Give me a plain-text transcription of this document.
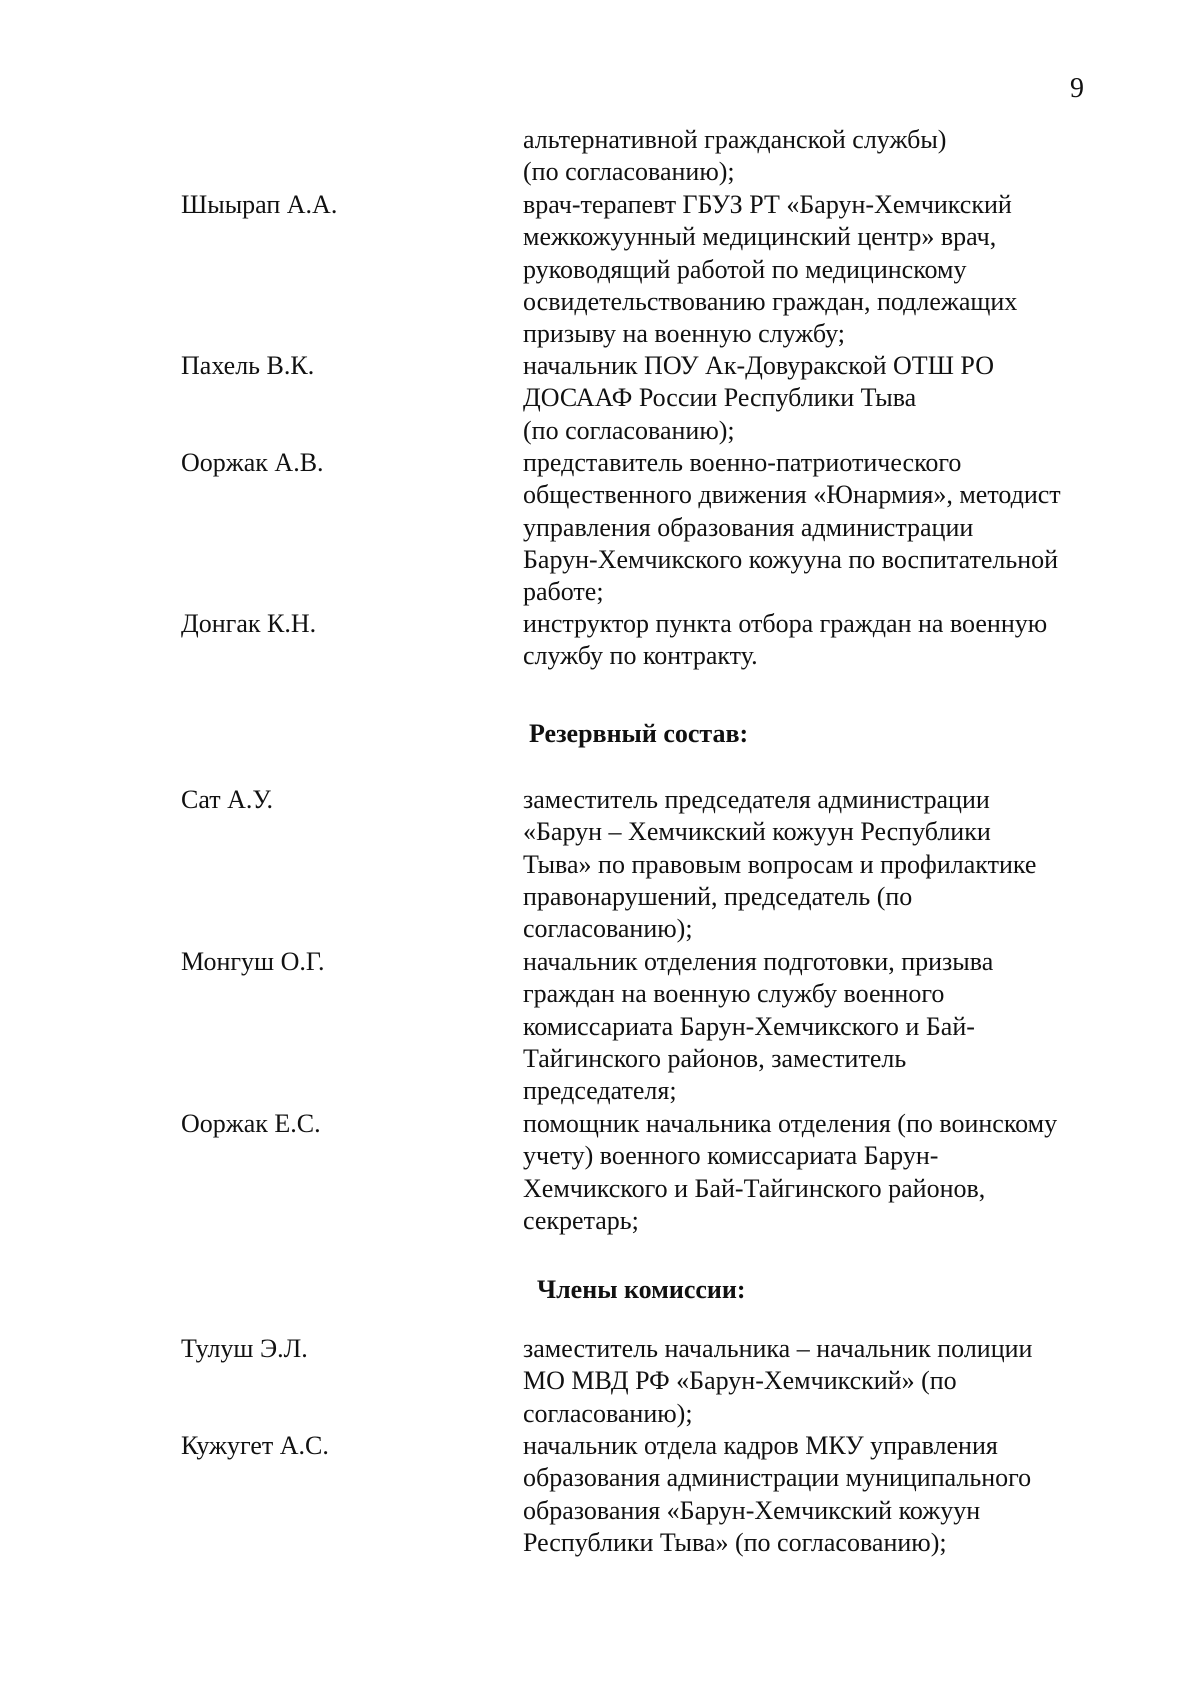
9
альтернативной гражданской службы)
(по согласованию);
Шыырап А.А.	врач-терапевт ГБУЗ РТ «Барун-Хемчикский
межкожуунный медицинский центр» врач,
руководящий работой по медицинскому
освидетельствованию граждан, подлежащих
призыву на военную службу;
Пахель В.К.	начальник ПОУ Ак-Довуракской ОТШ РО
ДОСААФ России Республики Тыва
(по согласованию);
Ооржак А.В.	представитель военно-патриотического
общественного движения «Юнармия», методист
управления образования администрации
Барун-Хемчикского кожууна по воспитательной
работе;
Донгак К.Н.	инструктор пункта отбора граждан на военную
службу по контракту.
Резервный состав:
Сат А.У.	заместитель председателя администрации
«Барун – Хемчикский кожуун Республики
Тыва» по правовым вопросам и профилактике
правонарушений, председатель (по
согласованию);
Монгуш О.Г.	начальник отделения подготовки, призыва
граждан на военную службу военного
комиссариата Барун-Хемчикского и Бай-
Тайгинского районов, заместитель
председателя;
Ооржак Е.С.	помощник начальника отделения (по воинскому
учету) военного комиссариата Барун-
Хемчикского и Бай-Тайгинского районов,
секретарь;
Члены комиссии:
Тулуш Э.Л.	заместитель начальника – начальник полиции
МО МВД РФ «Барун-Хемчикский» (по
согласованию);
Кужугет А.С.	начальник отдела кадров МКУ управления
образования администрации муниципального
образования «Барун-Хемчикский кожуун
Республики Тыва» (по согласованию);
